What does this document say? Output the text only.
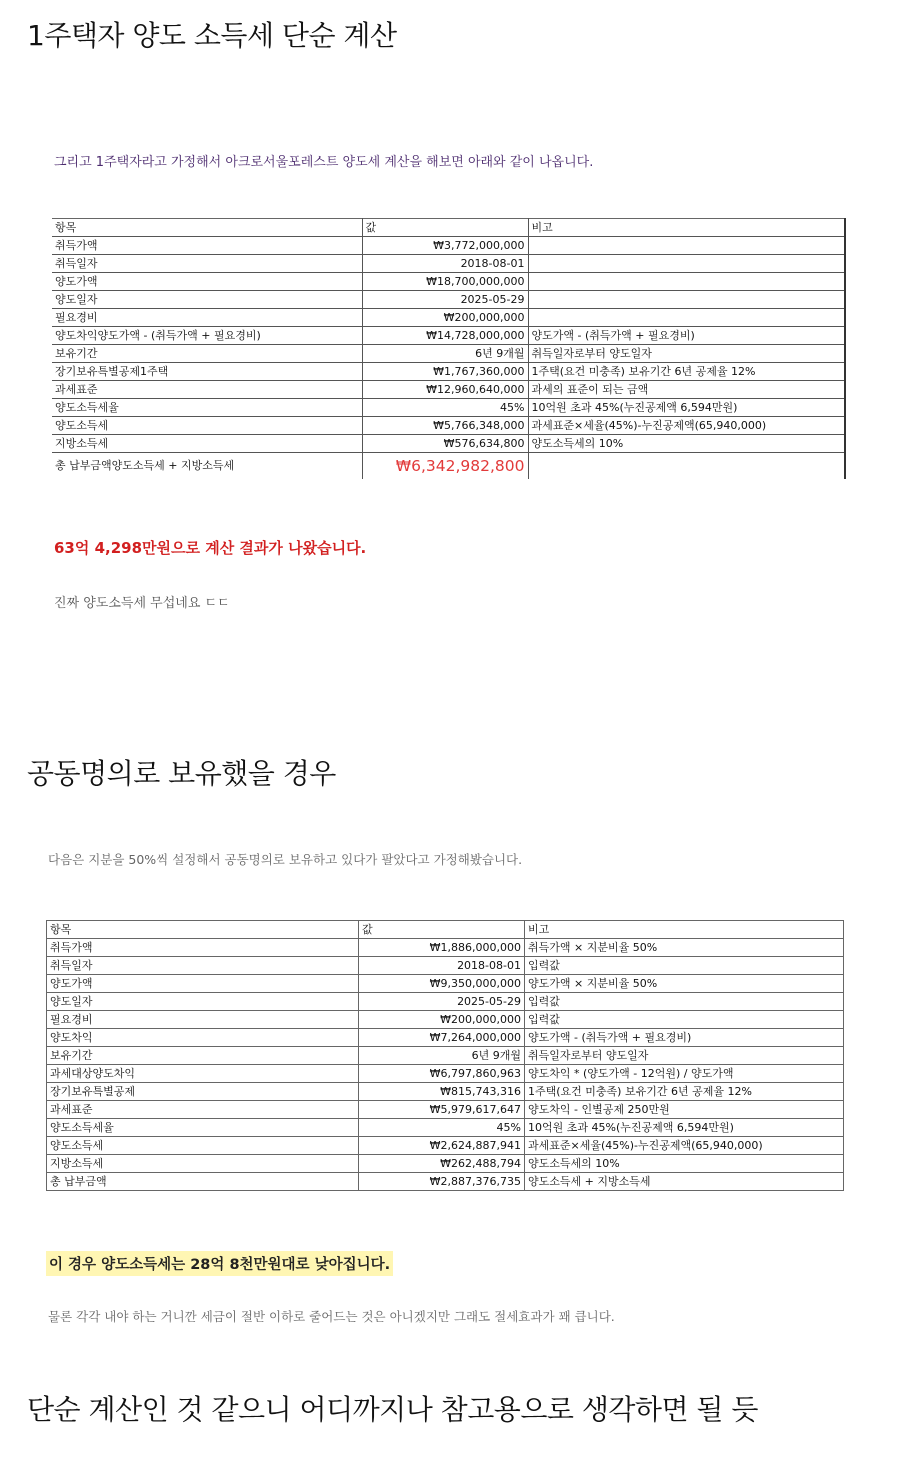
1주택자 양도 소득세 단순 계산

그리고 1주택자라고 가정해서 아크로서울포레스트 양도세 계산을 해보면 아래와 같이 나옵니다.

항목	값	비고
취득가액	₩3,772,000,000	
취득일자	2018-08-01	
양도가액	₩18,700,000,000	
양도일자	2025-05-29	
필요경비	₩200,000,000	
양도차익양도가액 - (취득가액 + 필요경비)	₩14,728,000,000	양도가액 - (취득가액 + 필요경비)
보유기간	6년 9개월	취득일자로부터 양도일자
장기보유특별공제1주택	₩1,767,360,000	1주택(요건 미충족) 보유기간 6년 공제율 12%
과세표준	₩12,960,640,000	과세의 표준이 되는 금액
양도소득세율	45%	10억원 초과 45%(누진공제액 6,594만원)
양도소득세	₩5,766,348,000	과세표준×세율(45%)-누진공제액(65,940,000)
지방소득세	₩576,634,800	양도소득세의 10%
총 납부금액양도소득세 + 지방소득세	₩6,342,982,800	

63억 4,298만원으로 계산 결과가 나왔습니다.

진짜 양도소득세 무섭네요 ㄷㄷ

공동명의로 보유했을 경우

다음은 지분을 50%씩 설정해서 공동명의로 보유하고 있다가 팔았다고 가정해봤습니다.

항목	값	비고
취득가액	₩1,886,000,000	취득가액 × 지분비율 50%
취득일자	2018-08-01	입력값
양도가액	₩9,350,000,000	양도가액 × 지분비율 50%
양도일자	2025-05-29	입력값
필요경비	₩200,000,000	입력값
양도차익	₩7,264,000,000	양도가액 - (취득가액 + 필요경비)
보유기간	6년 9개월	취득일자로부터 양도일자
과세대상양도차익	₩6,797,860,963	양도차익 * (양도가액 - 12억원) / 양도가액
장기보유특별공제	₩815,743,316	1주택(요건 미충족) 보유기간 6년 공제율 12%
과세표준	₩5,979,617,647	양도차익 - 인별공제 250만원
양도소득세율	45%	10억원 초과 45%(누진공제액 6,594만원)
양도소득세	₩2,624,887,941	과세표준×세율(45%)-누진공제액(65,940,000)
지방소득세	₩262,488,794	양도소득세의 10%
총 납부금액	₩2,887,376,735	양도소득세 + 지방소득세

이 경우 양도소득세는 28억 8천만원대로 낮아집니다.

물론 각각 내야 하는 거니깐 세금이 절반 이하로 줄어드는 것은 아니겠지만 그래도 절세효과가 꽤 큽니다.

단순 계산인 것 같으니 어디까지나 참고용으로 생각하면 될 듯
